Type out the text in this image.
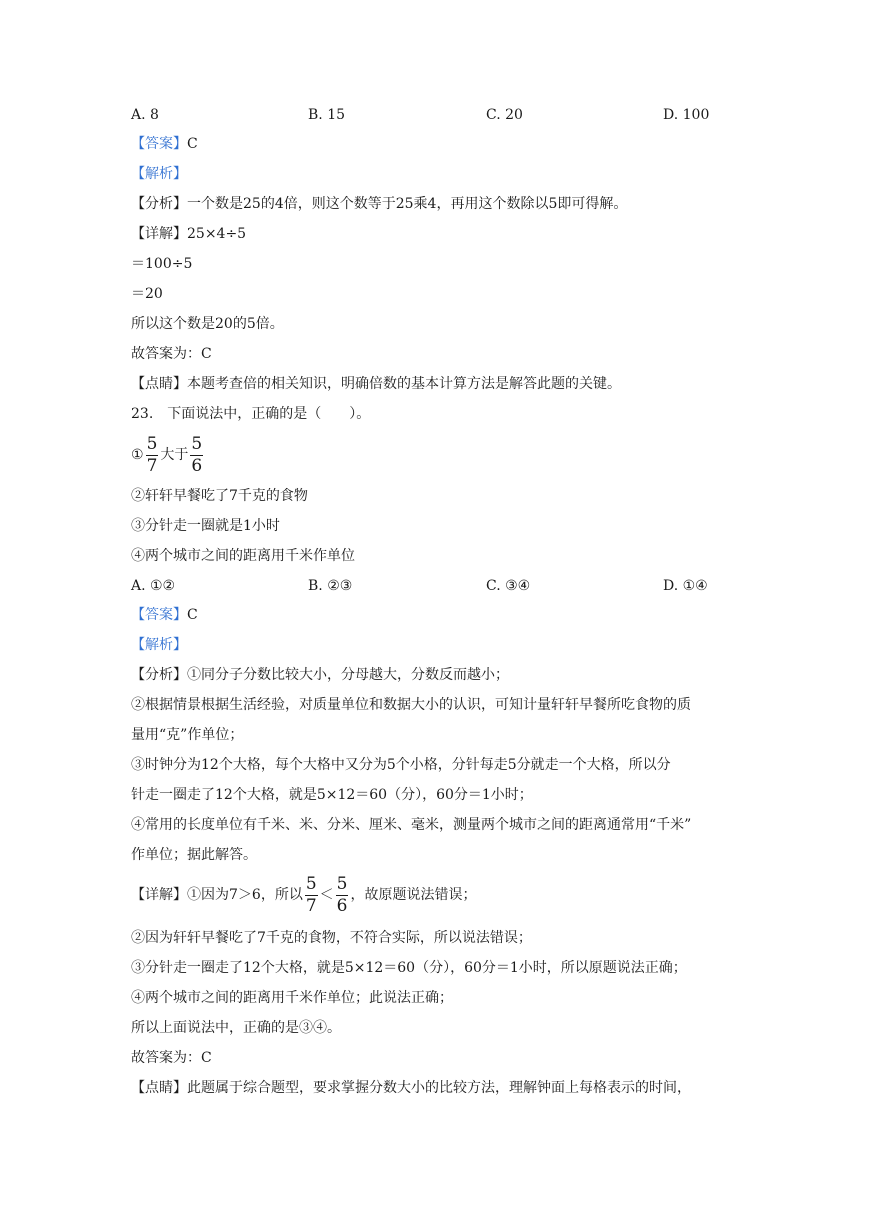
A. 8	B. 15	C. 20	D. 100
【答案】C
【解析】
【分析】一个数是25的4倍，则这个数等于25乘4，再用这个数除以5即可得解。
【详解】25×4÷5
＝100÷5
＝20
所以这个数是20的5倍。
故答案为：C
【点睛】本题考查倍的相关知识，明确倍数的基本计算方法是解答此题的关键。
23.　下面说法中，正确的是（　　）。
① $\frac{5}{7}$ 大于 $\frac{5}{6}$
②轩轩早餐吃了7千克的食物
③分针走一圈就是1小时
④两个城市之间的距离用千米作单位
A. ①②	B. ②③	C. ③④	D. ①④
【答案】C
【解析】
【分析】①同分子分数比较大小，分母越大，分数反而越小；
②根据情景根据生活经验，对质量单位和数据大小的认识，可知计量轩轩早餐所吃食物的质
量用“克”作单位；
③时钟分为12个大格，每个大格中又分为5个小格，分针每走5分就走一个大格，所以分
针走一圈走了12个大格，就是5×12＝60（分），60分＝1小时；
④常用的长度单位有千米、米、分米、厘米、毫米，测量两个城市之间的距离通常用“千米”
作单位；据此解答。
【详解】①因为7＞6，所以 $\frac{5}{7} < \frac{5}{6}$ ，故原题说法错误；
②因为轩轩早餐吃了7千克的食物，不符合实际，所以说法错误；
③分针走一圈走了12个大格，就是5×12＝60（分），60分＝1小时，所以原题说法正确；
④两个城市之间的距离用千米作单位；此说法正确；
所以上面说法中，正确的是③④。
故答案为：C
【点睛】此题属于综合题型，要求掌握分数大小的比较方法，理解钟面上每格表示的时间，
